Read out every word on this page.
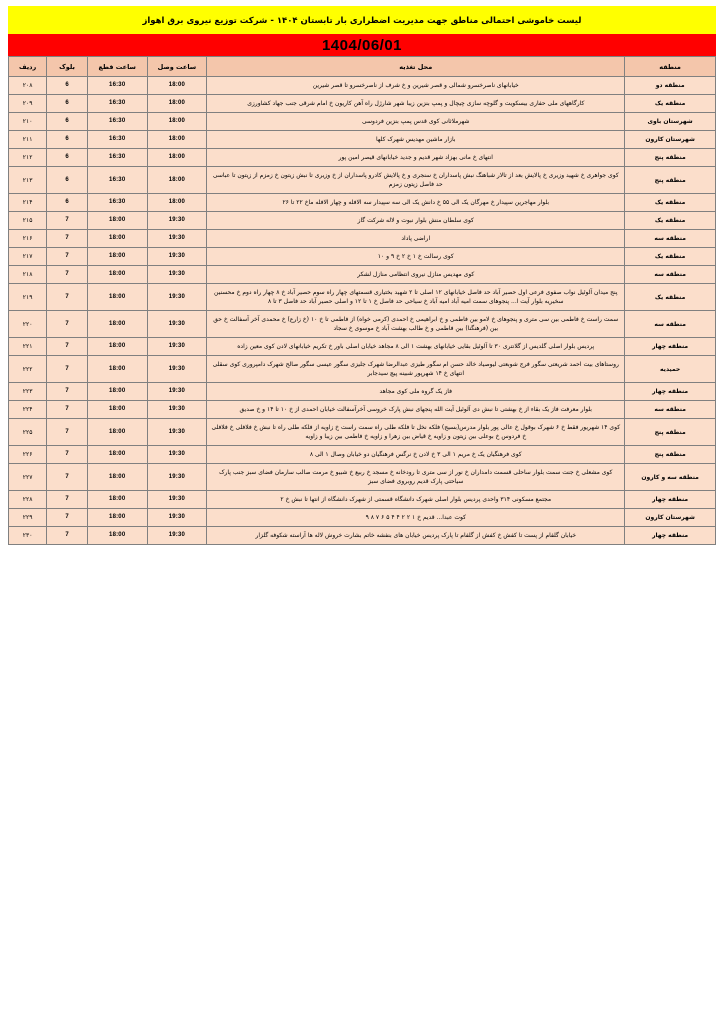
لیست خاموشی احتمالی مناطق جهت مدیریت اضطراری بار تابستان ۱۴۰۴ - شرکت توزیع نیروی برق اهواز
1404/06/01
منطقه	محل تغذیه	ساعت وصل	ساعت قطع	بلوک	ردیف
منطقه دو	خیابانهای ناصرخسرو شمالی و قصر شیرین و خ شرف از ناصرخسرو تا قصر شیرین	18:00	16:30	6	۲۰۸
منطقه یک	کارگاههای ملی حفاری بیسکویت و گلوچه سازی چیچال و پمپ بنزین زیبا شهر شارژل راه آهن کاریون خ امام شرقی جنب جهاد کشاورزی	18:00	16:30	6	۲۰۹
شهرستان باوی	شهرملاثانی کوی قدس پمپ بنزین فردوسی	18:00	16:30	6	۲۱۰
شهرستان کارون	بازار ماشین مهدیس شهرک کلها	18:00	16:30	6	۲۱۱
منطقه پنج	انتهای خ مانی بهزاد شهر قدیم و جدید خیابانهای قیصر امین پور	18:00	16:30	6	۲۱۲
منطقه پنج	کوی جواهری خ شهید وزیری خ پالایش بعد از تالار شباهنگ نبش پاسداران خ سنجری و خ پالایش کادرو پاسداران از خ وزیری تا نبش زیتون خ زمزم از زیتون تا عباسی حد فاصل زیتون زمزم	18:00	16:30	6	۲۱۳
منطقه یک	بلوار مهاجرین سپیدار خ مهرگان یک الی ۵۵ خ دانش یک الی سه سپیدار سه الافله و چهار الافله ماخ ۲۲ تا ۲۶	18:00	16:30	6	۲۱۴
منطقه یک	کوی سلطان منش بلوار نبوت و لاله شرکت گاز	19:30	18:00	7	۲۱۵
منطقه سه	اراضی پاداد	19:30	18:00	7	۲۱۶
منطقه یک	کوی رسالت خ ۱ خ ۲ خ ۹ و ۱۰	19:30	18:00	7	۲۱۷
منطقه سه	کوی مهدیس منازل نیروی انتظامی منازل لشکر	19:30	18:00	7	۲۱۸
منطقه یک	پنج میدان آلوئیل نواب صفوی فرعی اول حصیر آباد حد فاصل خیابانهای ۱۲ اصلی تا ۲ شهید بختیاری قسمتهای چهار راه سوم حصیر آباد خ ۸ چهار راه دوم خ محسنین سخیریه بلوار آیت ا... پنجوهای سمت امیه آباد امیه آباد خ سیاحی حد فاصل خ ۱ تا ۱۲ و اصلی حصیر آباد حد فاصل ۳ تا ۸	19:30	18:00	7	۲۱۹
منطقه سه	سمت راست خ فاطمی بین سی متری و پنجوهای خ لامو بین فاطمی و خ ابراهیمی خ احمدی (کرمی خواه) از فاطمی تا خ ۱۰ (خ زارع) خ محمدی آخر آسفالت خ حق بین (فرهنگنا) بین فاطمی و خ طالب بهشت آباد خ موسوی خ سجاد	19:30	18:00	7	۲۲۰
منطقه چهار	پردیس بلوار اصلی گلدیس از گلانتری ۳۰ تا آلوئیل بقایی خیابانهای بهشت ۱ الی ۸ مجاهد خیابان اصلی باور خ تکریم خیابانهای لادن کوی معین زاده	19:30	18:00	7	۲۲۱
حمیدیه	روستاهای بیت احمد شریعتی سگور فرج شوبعتی لیوصیاد خالد حسن ام سگور طیزی عبدالرضا شهرک جلیزی سگور عیسی سگور صالح شهرک دامپروری کوی سقلی انتهای خ ۱۴ شهرپور شبینه پیچ سیدجابر	19:30	18:00	7	۲۲۲
منطقه چهار	فاز یک گروه ملی کوی مجاهد	19:30	18:00	7	۲۲۳
منطقه سه	بلوار معرفت فاز یک بقاء از خ بهشتی تا نبش دی آلوئیل آیت الله پنجهای نبش پارک خروسی آخرآسفالت خیابان احمدی از خ ۱۰ تا ۱۴ و خ صدیق	19:30	18:00	7	۲۲۴
منطقه پنج	کوی ۱۴ شهریور فقط خ ۶ شهرک بوقول خ عالی پور بلوار مدرس(بسیج) فلکه نخل تا فلکه طلی راه سمت راست خ زاویه از فلکه طلی راه تا نبش خ فلافلی خ فلافلی خ فردوس خ بوعلی بین زیتون و زاویه خ قیاض بین زهرا و زاویه خ فاطمی بین زیبا و زاویه	19:30	18:00	7	۲۲۵
منطقه پنج	کوی فرهنگیان یک خ مریم ۱ الی ۳ خ لادن خ نرگس فرهنگیان دو خیابان وصال ۱ الی ۸	19:30	18:00	7	۲۲۶
منطقه سه و کارون	کوی مشعلی خ جنت سمت بلوار ساحلی قسمت دامداران خ نور از سی متری تا رودخانه خ مسجد خ ربیع خ شبیو خ مرمت صالب سارمان فضای سبز جنب پارک سیاحتی پارک قدیم روبروی فضای سبز	19:30	18:00	7	۲۲۷
منطقه چهار	مجتمع مسکونی ۳۱۴ واحدی پردیس بلوار اصلی شهرک دانشگاه قسمتی از شهرک دانشگاه از انتها تا نبش خ ۲	19:30	18:00	7	۲۲۸
شهرستان کارون	کوت عبدا... قدیم خ ۱ ۲ ۲ ۴ ۴ ۵ ۶ ۷ ۸ ۹	19:30	18:00	7	۲۲۹
منطقه چهار	خیابان گلفام از پست تا کفش خ کفش از گلفام تا پارک پردیس خیابان های بنفشه خاتم بشارت خروش لاله ها آراسته شکوفه گلزار	19:30	18:00	7	۲۳۰
